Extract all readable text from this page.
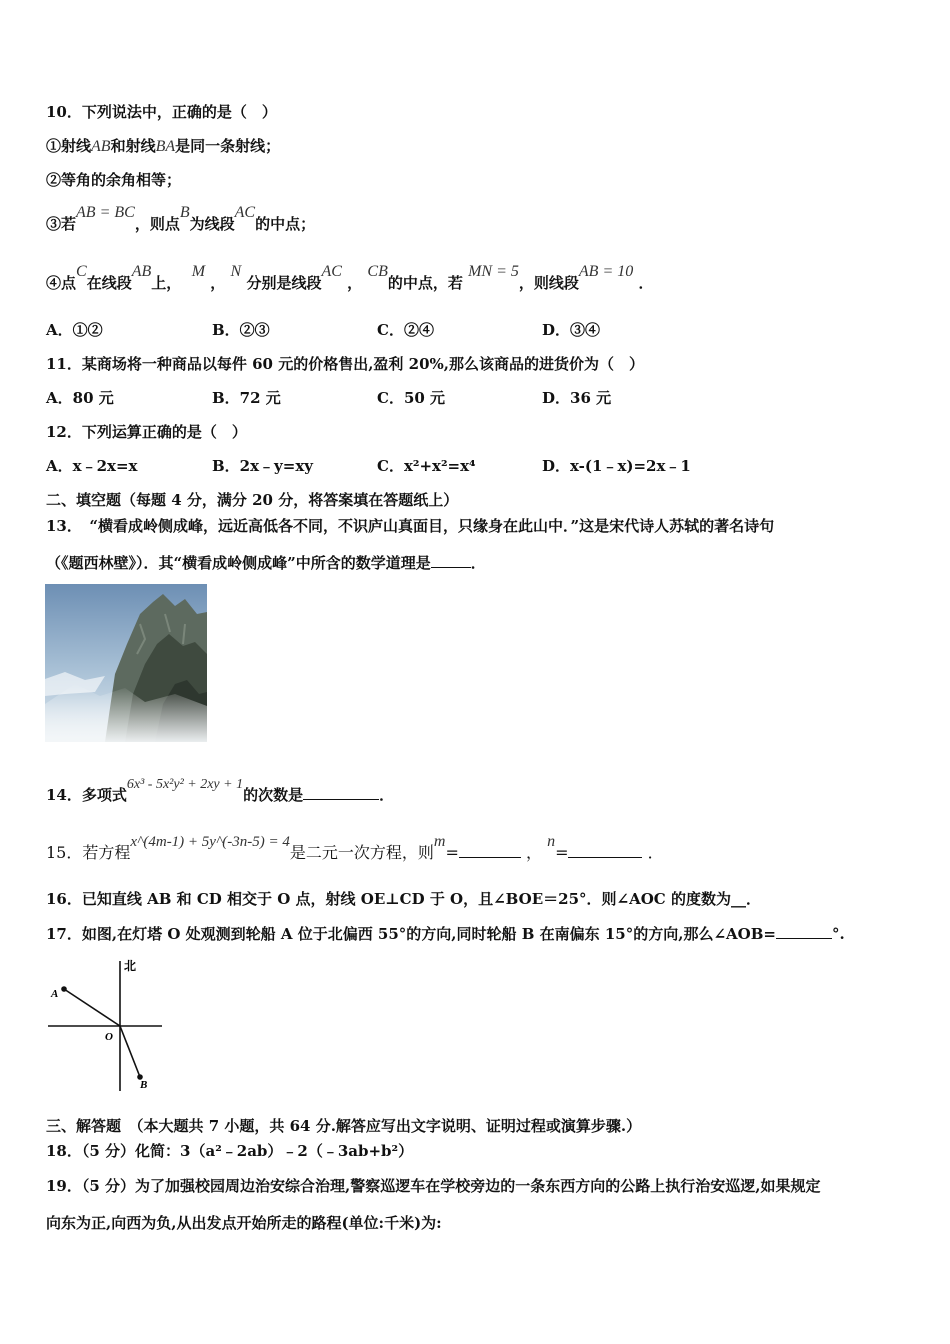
10．下列说法中，正确的是（　）
①射线AB和射线BA是同一条射线；
②等角的余角相等；
③若AB = BC，则点B为线段AC的中点；
④点C在线段AB上，  M ， N 分别是线段AC ， CB的中点，若 MN = 5，则线段AB = 10 ．
A．①②	B．②③	C．②④	D．③④
11．某商场将一种商品以每件 60 元的价格售出,盈利 20%,那么该商品的进货价为（　）
A．80 元	B．72 元	C．50 元	D．36 元
12．下列运算正确的是（　）
A．x﹣2x=x	B．2x﹣y=xy	C．x²+x²=x⁴	D．x-(1﹣x)=2x﹣1
二、填空题（每题 4 分，满分 20 分，将答案填在答题纸上）
13．　“横看成岭侧成峰，远近高低各不同，不识庐山真面目，只缘身在此山中．”这是宋代诗人苏轼的著名诗句
（《题西林壁》）．其“横看成岭侧成峰”中所含的数学道理是	．
14．多项式6x³ - 5x²y² + 2xy + 1的次数是	．
15．若方程x^(4m-1) + 5y^(-3n-5) = 4是二元一次方程，则m=	， n=	．
16．已知直线 AB 和 CD 相交于 O 点，射线 OE⊥CD 于 O，且∠BOE＝25°．则∠AOC 的度数为__．
17．如图,在灯塔 O 处观测到轮船 A 位于北偏西 55°的方向,同时轮船 B 在南偏东 15°的方向,那么∠AOB=	°.
北
A
O
B
三、解答题　（本大题共 7 小题，共 64 分.解答应写出文字说明、证明过程或演算步骤.）
18．（5 分）化简：3（a²﹣2ab）﹣2（﹣3ab+b²）
19．（5 分）为了加强校园周边治安综合治理,警察巡逻车在学校旁边的一条东西方向的公路上执行治安巡逻,如果规定
向东为正,向西为负,从出发点开始所走的路程(单位:千米)为:
